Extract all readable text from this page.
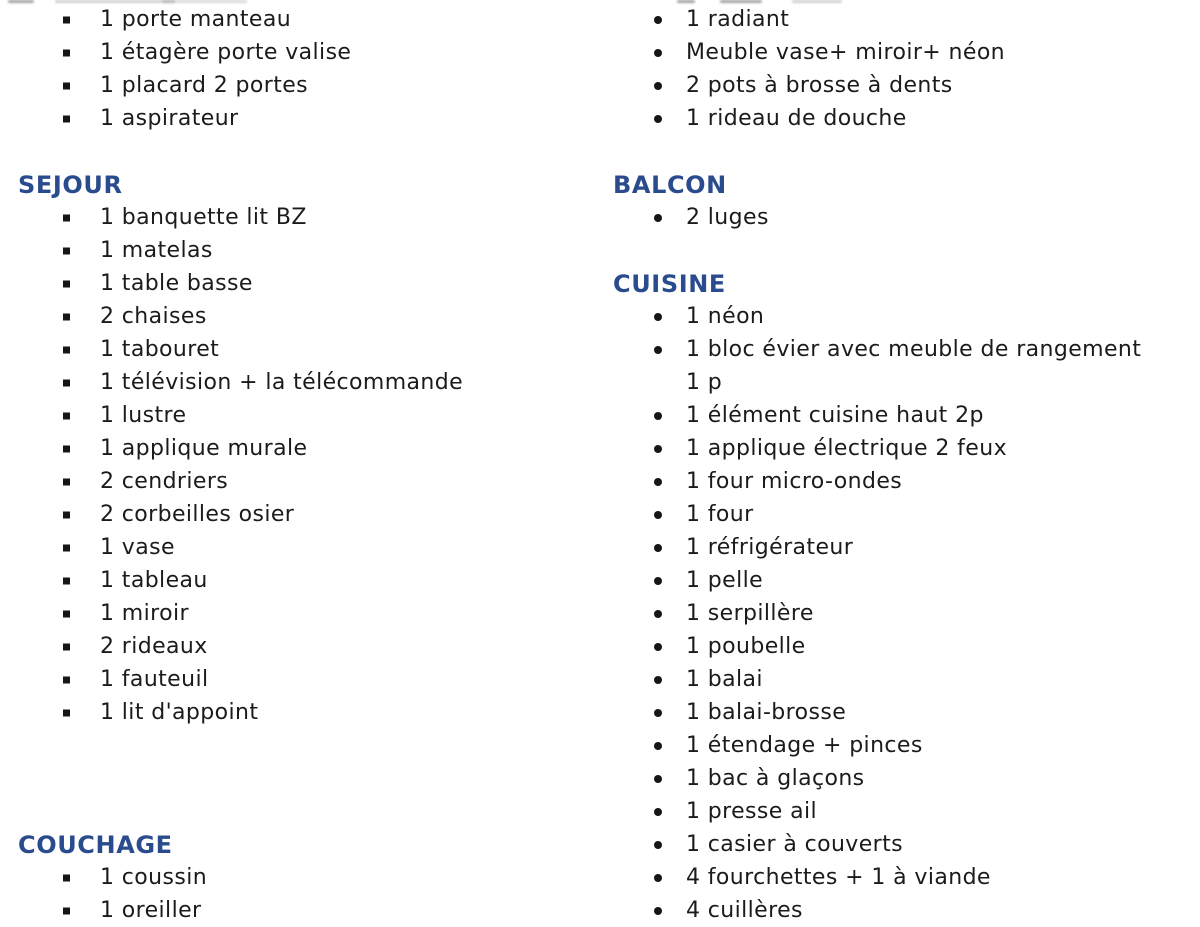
1 porte manteau
1 étagère porte valise
1 placard 2 portes
1 aspirateur
SEJOUR
1 banquette lit BZ
1 matelas
1 table basse
2 chaises
1 tabouret
1 télévision + la télécommande
1 lustre
1 applique murale
2 cendriers
2 corbeilles osier
1 vase
1 tableau
1 miroir
2 rideaux
1 fauteuil
1 lit d'appoint
COUCHAGE
1 coussin
1 oreiller
1 radiant
Meuble vase+ miroir+ néon
2 pots à brosse à dents
1 rideau de douche
BALCON
2 luges
CUISINE
1 néon
1 bloc évier avec meuble de rangement
1 p
1 élément cuisine haut 2p
1 applique électrique 2 feux
1 four micro-ondes
1 four
1 réfrigérateur
1 pelle
1 serpillère
1 poubelle
1 balai
1 balai-brosse
1 étendage + pinces
1 bac à glaçons
1 presse ail
1 casier à couverts
4 fourchettes + 1 à viande
4 cuillères
